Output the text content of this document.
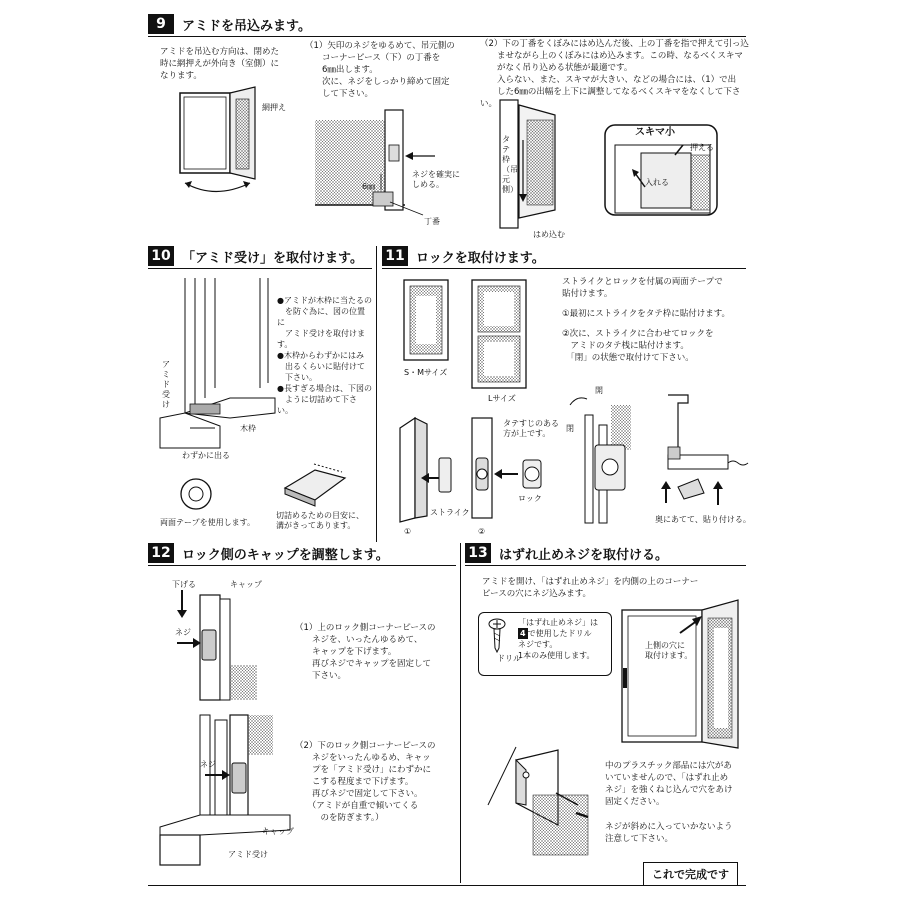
9	アミドを吊込みます。
アミドを吊込む方向は、閉めた
時に網押えが外向き（室側）に
なります。
網押え
（1）矢印のネジをゆるめて、吊元側の
　　コーナーピース（下）の丁番を
　　6㎜出します。
　　次に、ネジをしっかり締めて固定
　　して下さい。
6㎜
ネジを確実に
しめる。
丁番
（2）下の丁番をくぼみにはめ込んだ後、上の丁番を指で押えて引っ込
　　ませながら上のくぼみにはめ込みます。この時、なるべくスキマ
　　がなく吊り込める状態が最適です。
　　入らない、また、スキマが大きい、などの場合には、（1）で出
　　した6㎜の出幅を上下に調整してなるべくスキマをなくして下さい。
タテ枠（吊元側）
はめ込む
スキマ小
押える
入れる
10 「アミド受け」を取付けます。
アミド受け
木枠
わずかに出る
●アミドが木枠に当たるの
　を防ぐ為に、図の位置に
　アミド受けを取付けます。
●木枠からわずかにはみ
　出るくらいに貼付けて
　下さい。
●長すぎる場合は、下図の
　ように切詰めて下さい。
両面テープを使用します。
切詰めるための目安に、
溝がきってあります。
11 ロックを取付けます。
S・Mサイズ
Lサイズ
ストライクとロックを付属の両面テープで
貼付けます。
①最初にストライクをタテ枠に貼付けます。
②次に、ストライクに合わせてロックを
　アミドのタテ桟に貼付けます。
　「閉」の状態で取付けて下さい。
ストライク
①
タテすじのある
方が上です。
ロック
②
開
閉
奥にあてて、貼り付ける。
12 ロック側のキャップを調整します。
下げる	キャップ
ネジ	（1）上のロック側コーナーピースの
　　ネジを、いったんゆるめて、
　　キャップを下げます。
　　再びネジでキャップを固定して
　　下さい。
ネジ
キャップ
アミド受け
（2）下のロック側コーナーピースの
　　ネジをいったんゆるめ、キャッ
　　プを「アミド受け」にわずかに
　　こする程度まで下げます。
　　再びネジで固定して下さい。
　　（アミドが自重で傾いてくる
　　　のを防ぎます。）
13 はずれ止めネジを取付ける。
アミドを開け、「はずれ止めネジ」を内側の上のコーナー
ピースの穴にネジ込みます。
ドリル
「はずれ止めネジ」は
4 で使用したドリル
ネジです。
1本のみ使用します。
上側の穴に
取付けます。
中のプラスチック部品には穴があ
いていませんので、「はずれ止め
ネジ」を強くねじ込んで穴をあけ
固定ください。
ネジが斜めに入っていかないよう
注意して下さい。
これで完成です
